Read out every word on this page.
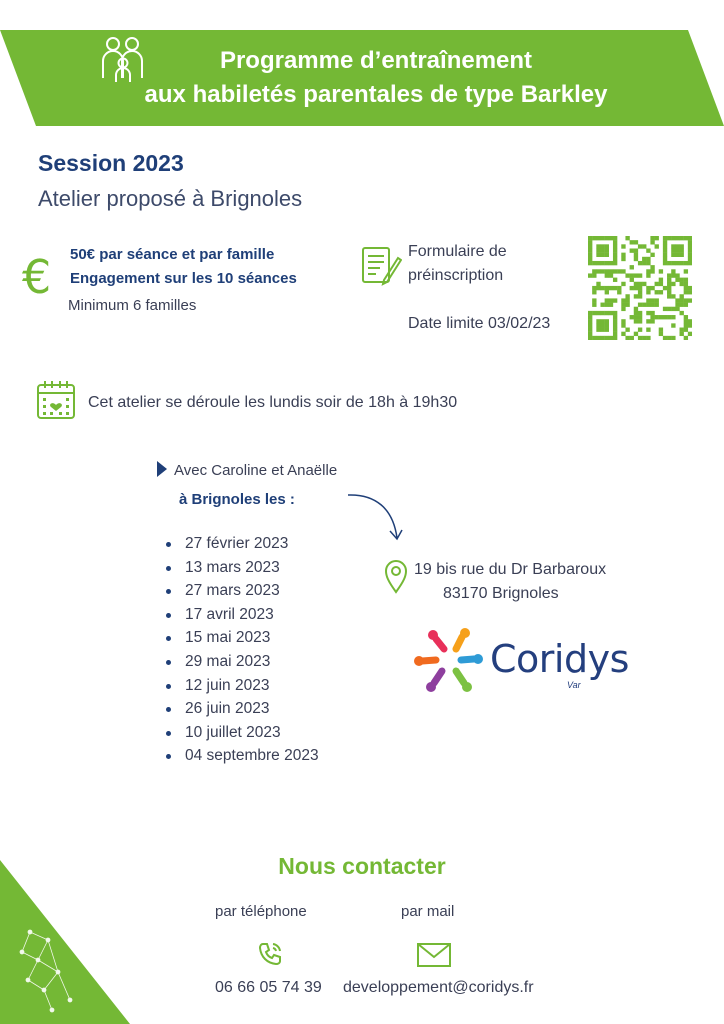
Programme d’entraînement
aux habiletés parentales de type Barkley
Session 2023
Atelier proposé à Brignoles
€ 50€ par séance et par famille
Engagement sur les 10 séances
Minimum 6 familles
Formulaire de
préinscription
Date limite 03/02/23
Cet atelier se déroule les lundis soir de 18h à 19h30
Avec Caroline et Anaëlle
à Brignoles les :
27 février 2023
13 mars 2023
27 mars 2023
17 avril 2023
15 mai 2023
29 mai 2023
12 juin 2023
26 juin 2023
10 juillet 2023
04 septembre 2023
19 bis rue du Dr Barbaroux
83170 Brignoles
Coridys
Var
Nous contacter
par téléphone	par mail
06 66 05 74 39 developpement@coridys.fr
